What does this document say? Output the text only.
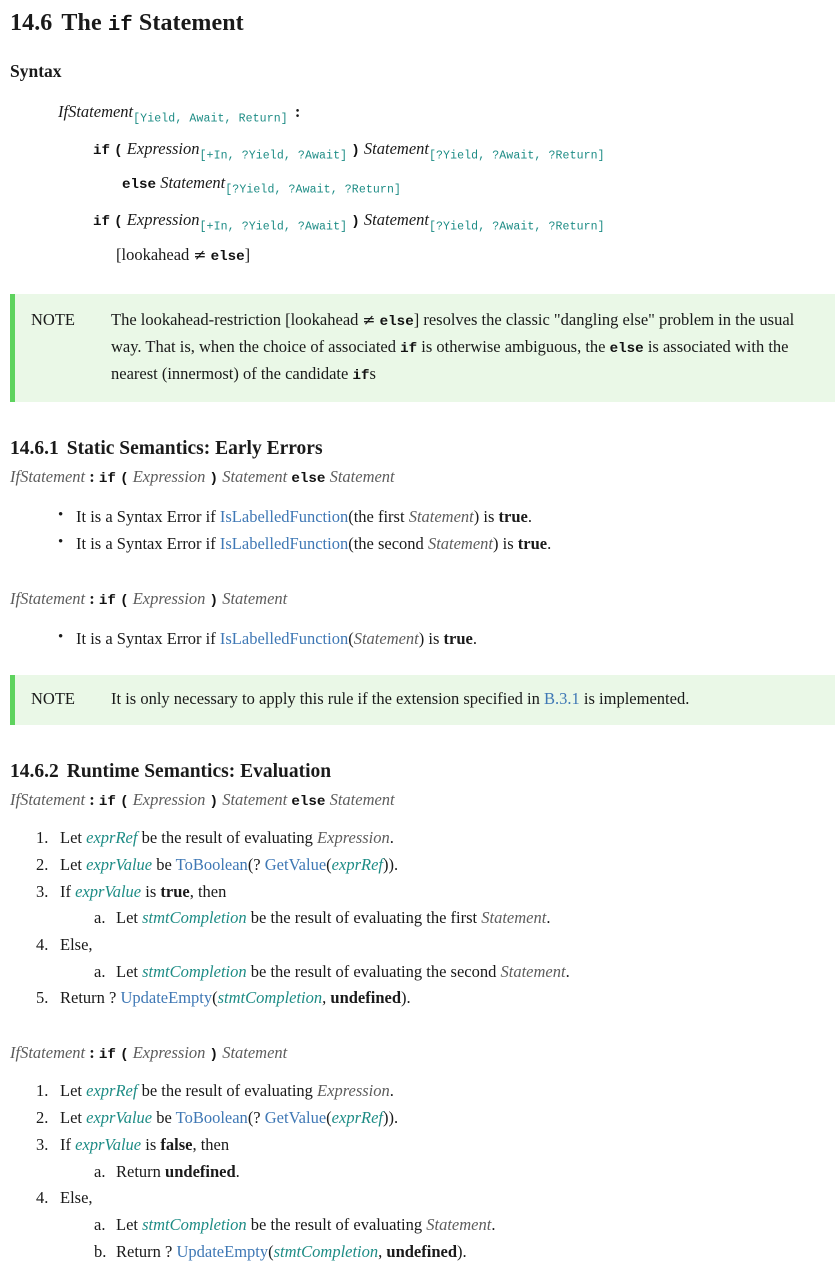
14.6 The if Statement
Syntax
IfStatement$_{[Yield, Await, Return]}$ :
if ( Expression$_{[+In, ?Yield, ?Await]}$ ) Statement$_{[?Yield, ?Await, ?Return]}$
else Statement$_{[?Yield, ?Await, ?Return]}$
if ( Expression$_{[+In, ?Yield, ?Await]}$ ) Statement$_{[?Yield, ?Await, ?Return]}$
[lookahead ≠ else]
NOTE	The lookahead-restriction [lookahead ≠ else] resolves the classic "dangling else" problem in the usual way. That is, when the choice of associated if is otherwise ambiguous, the else is associated with the nearest (innermost) of the candidate ifs
14.6.1 Static Semantics: Early Errors
IfStatement : if ( Expression ) Statement else Statement
• It is a Syntax Error if IsLabelledFunction(the first Statement) is true.
• It is a Syntax Error if IsLabelledFunction(the second Statement) is true.
IfStatement : if ( Expression ) Statement
• It is a Syntax Error if IsLabelledFunction(Statement) is true.
NOTE	It is only necessary to apply this rule if the extension specified in B.3.1 is implemented.
14.6.2 Runtime Semantics: Evaluation
IfStatement : if ( Expression ) Statement else Statement
1. Let exprRef be the result of evaluating Expression.
2. Let exprValue be ToBoolean(? GetValue(exprRef)).
3. If exprValue is true, then
a. Let stmtCompletion be the result of evaluating the first Statement.
4. Else,
a. Let stmtCompletion be the result of evaluating the second Statement.
5. Return ? UpdateEmpty(stmtCompletion, undefined).
IfStatement : if ( Expression ) Statement
1. Let exprRef be the result of evaluating Expression.
2. Let exprValue be ToBoolean(? GetValue(exprRef)).
3. If exprValue is false, then
a. Return undefined.
4. Else,
a. Let stmtCompletion be the result of evaluating Statement.
b. Return ? UpdateEmpty(stmtCompletion, undefined).
